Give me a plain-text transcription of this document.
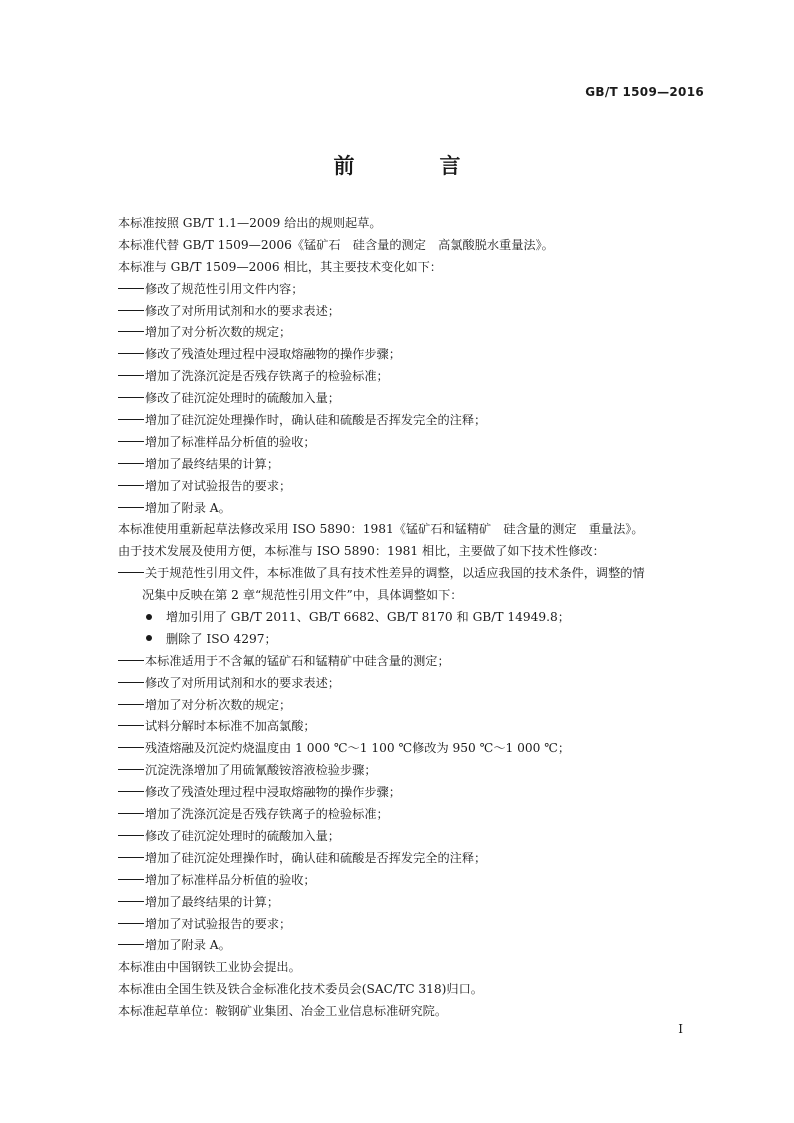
GB/T 1509—2016
前　言
本标准按照 GB/T 1.1—2009 给出的规则起草。
本标准代替 GB/T 1509—2006《锰矿石　硅含量的测定　高氯酸脱水重量法》。
本标准与 GB/T 1509—2006 相比，其主要技术变化如下：
修改了规范性引用文件内容；
修改了对所用试剂和水的要求表述；
增加了对分析次数的规定；
修改了残渣处理过程中浸取熔融物的操作步骤；
增加了洗涤沉淀是否残存铁离子的检验标准；
修改了硅沉淀处理时的硫酸加入量；
增加了硅沉淀处理操作时，确认硅和硫酸是否挥发完全的注释；
增加了标准样品分析值的验收；
增加了最终结果的计算；
增加了对试验报告的要求；
增加了附录 A。
本标准使用重新起草法修改采用 ISO 5890：1981《锰矿石和锰精矿　硅含量的测定　重量法》。
由于技术发展及使用方便，本标准与 ISO 5890：1981 相比，主要做了如下技术性修改：
关于规范性引用文件，本标准做了具有技术性差异的调整，以适应我国的技术条件，调整的情
况集中反映在第 2 章“规范性引用文件”中，具体调整如下：
增加引用了 GB/T 2011、GB/T 6682、GB/T 8170 和 GB/T 14949.8；
删除了 ISO 4297；
本标准适用于不含氟的锰矿石和锰精矿中硅含量的测定；
修改了对所用试剂和水的要求表述；
增加了对分析次数的规定；
试料分解时本标准不加高氯酸；
残渣熔融及沉淀灼烧温度由 1 000 ℃～1 100 ℃修改为 950 ℃～1 000 ℃；
沉淀洗涤增加了用硫氰酸铵溶液检验步骤；
修改了残渣处理过程中浸取熔融物的操作步骤；
增加了洗涤沉淀是否残存铁离子的检验标准；
修改了硅沉淀处理时的硫酸加入量；
增加了硅沉淀处理操作时，确认硅和硫酸是否挥发完全的注释；
增加了标准样品分析值的验收；
增加了最终结果的计算；
增加了对试验报告的要求；
增加了附录 A。
本标准由中国钢铁工业协会提出。
本标准由全国生铁及铁合金标准化技术委员会(SAC/TC 318)归口。
本标准起草单位：鞍钢矿业集团、冶金工业信息标准研究院。
I
